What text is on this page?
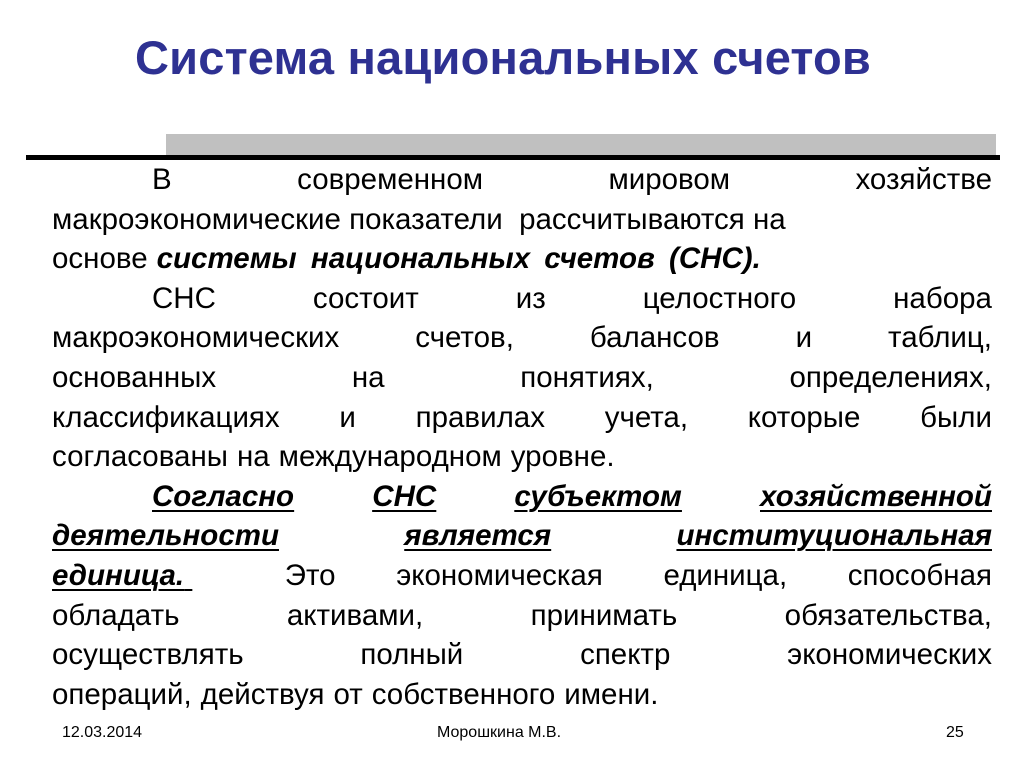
Система национальных счетов
В	современном	мировом	хозяйстве
макроэкономические
показатели
рассчитываются
на
основе системы национальных счетов (СНС).
СНС	состоит	из	целостного	набора
макроэкономических	счетов,	балансов	и	таблиц,
основанных	на	понятиях,	определениях,
классификациях и правилах учета, которые были
согласованы на международном уровне.
Согласно	СНС	субъектом	хозяйственной
деятельности	является	институциональная
единица.	Это экономическая единица, способная
обладать	активами,	принимать	обязательства,
осуществлять	полный	спектр	экономических
операций, действуя от собственного имени.
12.03.2014	Морошкина М.В.	25
